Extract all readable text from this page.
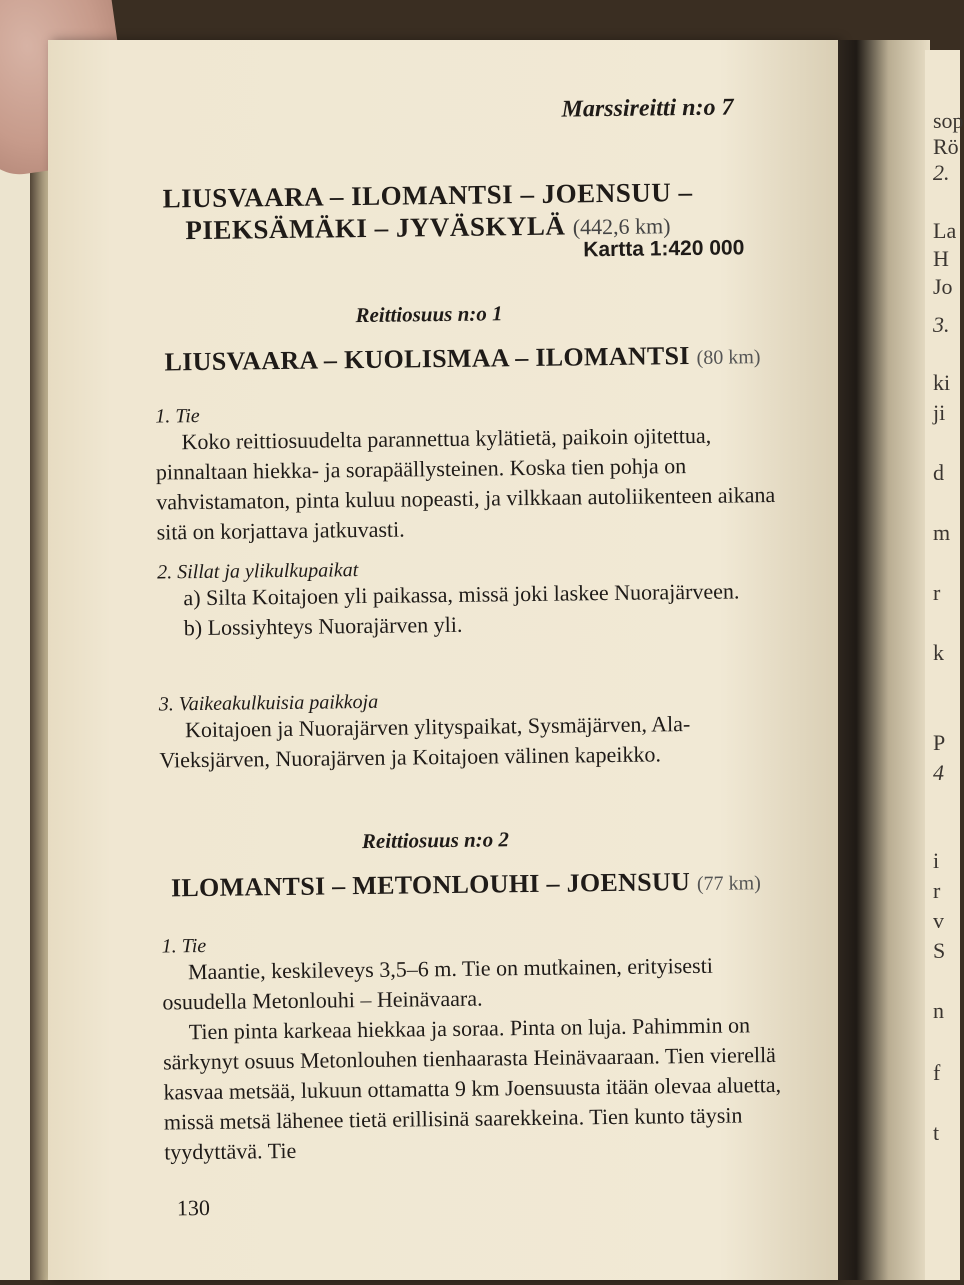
Marssireitti n:o 7
LIUSVAARA – ILOMANTSI – JOENSUU –
PIEKSÄMÄKI – JYVÄSKYLÄ (442,6 km)
Kartta 1:420 000
Reittiosuus n:o 1
LIUSVAARA – KUOLISMAA – ILOMANTSI (80 km)
1. Tie

Koko reittiosuudelta parannettua kylätietä, paikoin ojitettua, pinnaltaan hiekka- ja sorapäällysteinen. Koska tien pohja on vahvistamaton, pinta kuluu nopeasti, ja vilkkaan autoliikenteen aikana sitä on korjattava jatkuvasti.

2. Sillat ja ylikulkupaikat
a) Silta Koitajoen yli paikassa, missä joki laskee Nuorajärveen.
b) Lossiyhteys Nuorajärven yli.
3. Vaikeakulkuisia paikkoja

Koitajoen ja Nuorajärven ylityspaikat, Sysmäjärven, Ala-Vieksjärven, Nuorajärven ja Koitajoen välinen kapeikko.

Reittiosuus n:o 2
ILOMANTSI – METONLOUHI – JOENSUU (77 km)
1. Tie

Maantie, keskileveys 3,5–6 m. Tie on mutkainen, erityisesti osuudella Metonlouhi – Heinävaara.

Tien pinta karkeaa hiekkaa ja soraa. Pinta on luja. Pahimmin on särkynyt osuus Metonlouhen tienhaarasta Heinävaaraan. Tien vierellä kasvaa metsää, lukuun ottamatta 9 km Joensuusta itään olevaa aluetta, missä metsä lähenee tietä erillisinä saarekkeina. Tien kunto täysin tyydyttävä. Tie

130
sop
Rö
2.
La
H
Jo
3.
ki
ji
d
m
r
k
P
4
i
r
v
S
n
f
t
